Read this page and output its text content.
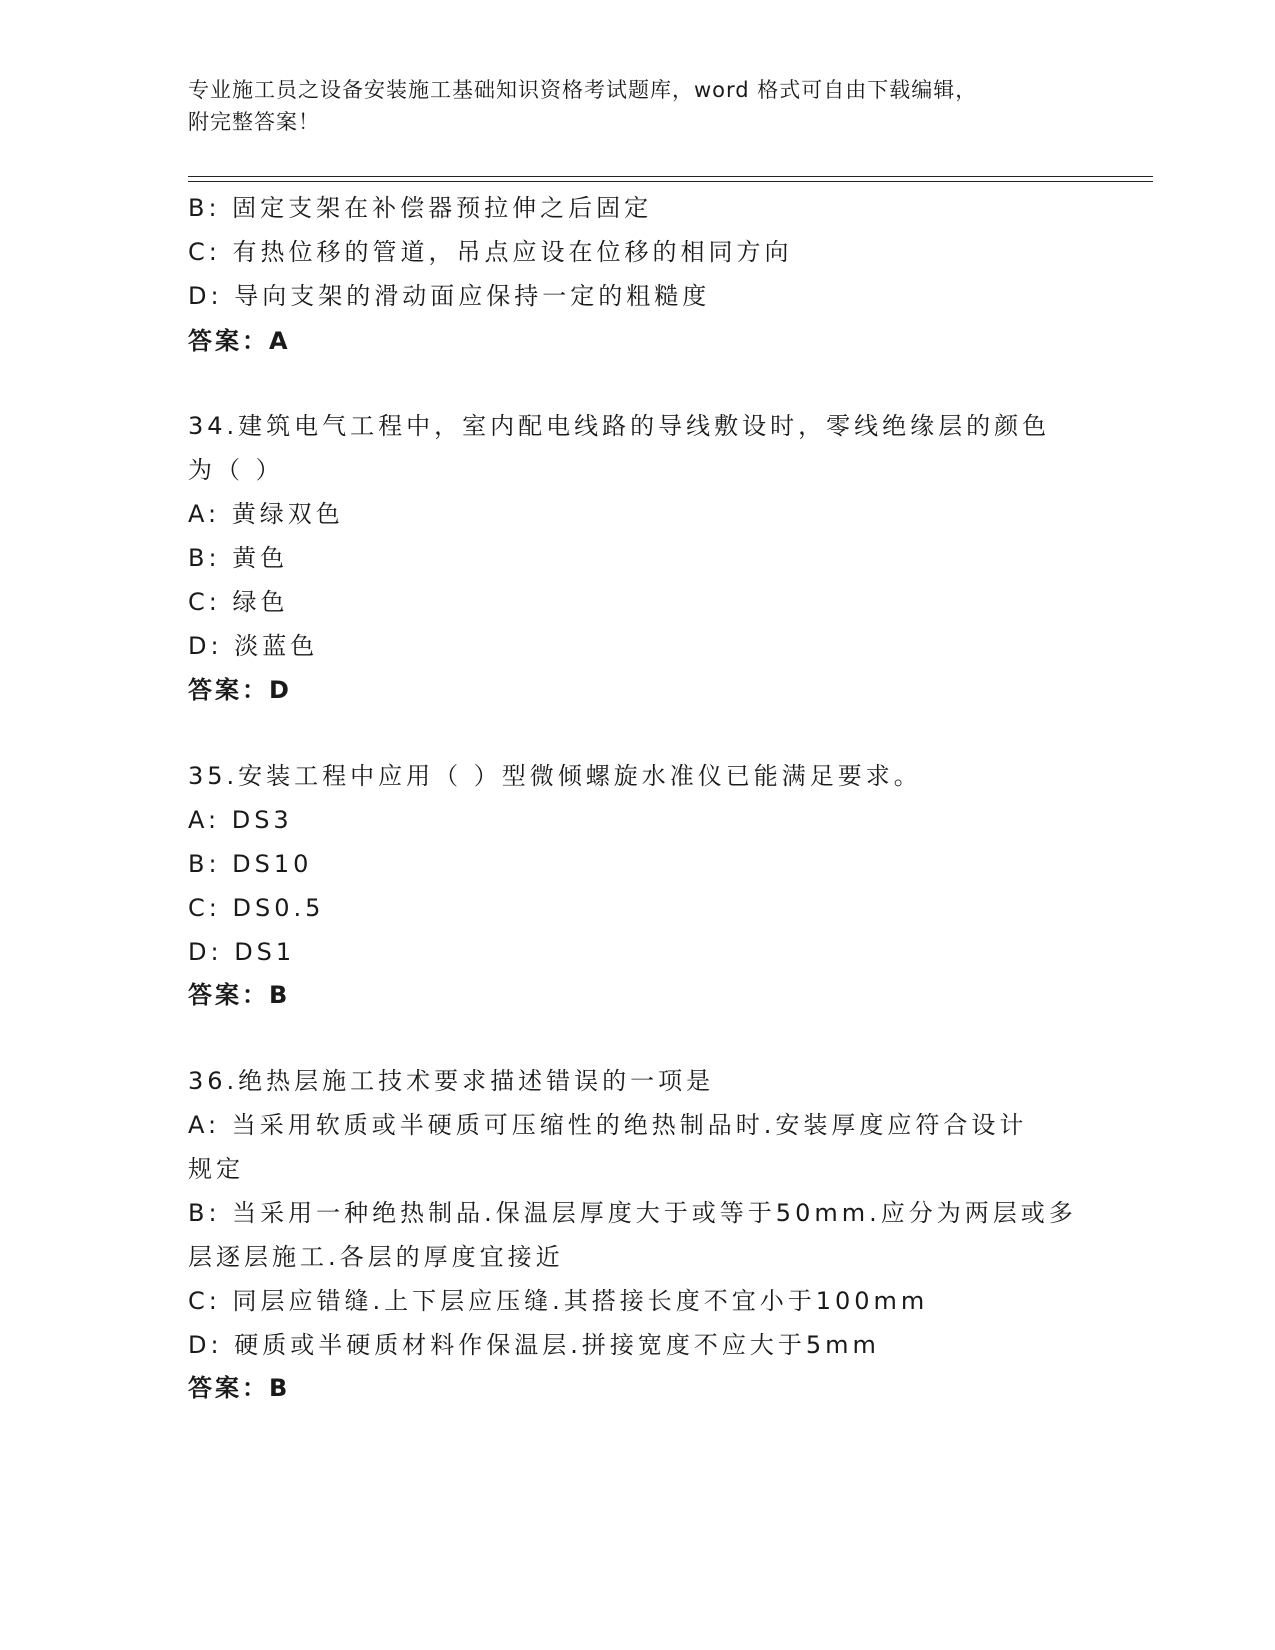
专业施工员之设备安装施工基础知识资格考试题库，word 格式可自由下载编辑，
附完整答案！
B: 固定支架在补偿器预拉伸之后固定
C: 有热位移的管道，吊点应设在位移的相同方向
D: 导向支架的滑动面应保持一定的粗糙度
答案：A
34.建筑电气工程中，室内配电线路的导线敷设时，零线绝缘层的颜色
为（ ）
A: 黄绿双色
B: 黄色
C: 绿色
D: 淡蓝色
答案：D
35.安装工程中应用（ ）型微倾螺旋水准仪已能满足要求。
A: DS3
B: DS10
C: DS0.5
D: DS1
答案：B
36.绝热层施工技术要求描述错误的一项是
A: 当采用软质或半硬质可压缩性的绝热制品时.安装厚度应符合设计
规定
B: 当采用一种绝热制品.保温层厚度大于或等于50mm.应分为两层或多
层逐层施工.各层的厚度宜接近
C: 同层应错缝.上下层应压缝.其搭接长度不宜小于100mm
D: 硬质或半硬质材料作保温层.拼接宽度不应大于5mm
答案：B
